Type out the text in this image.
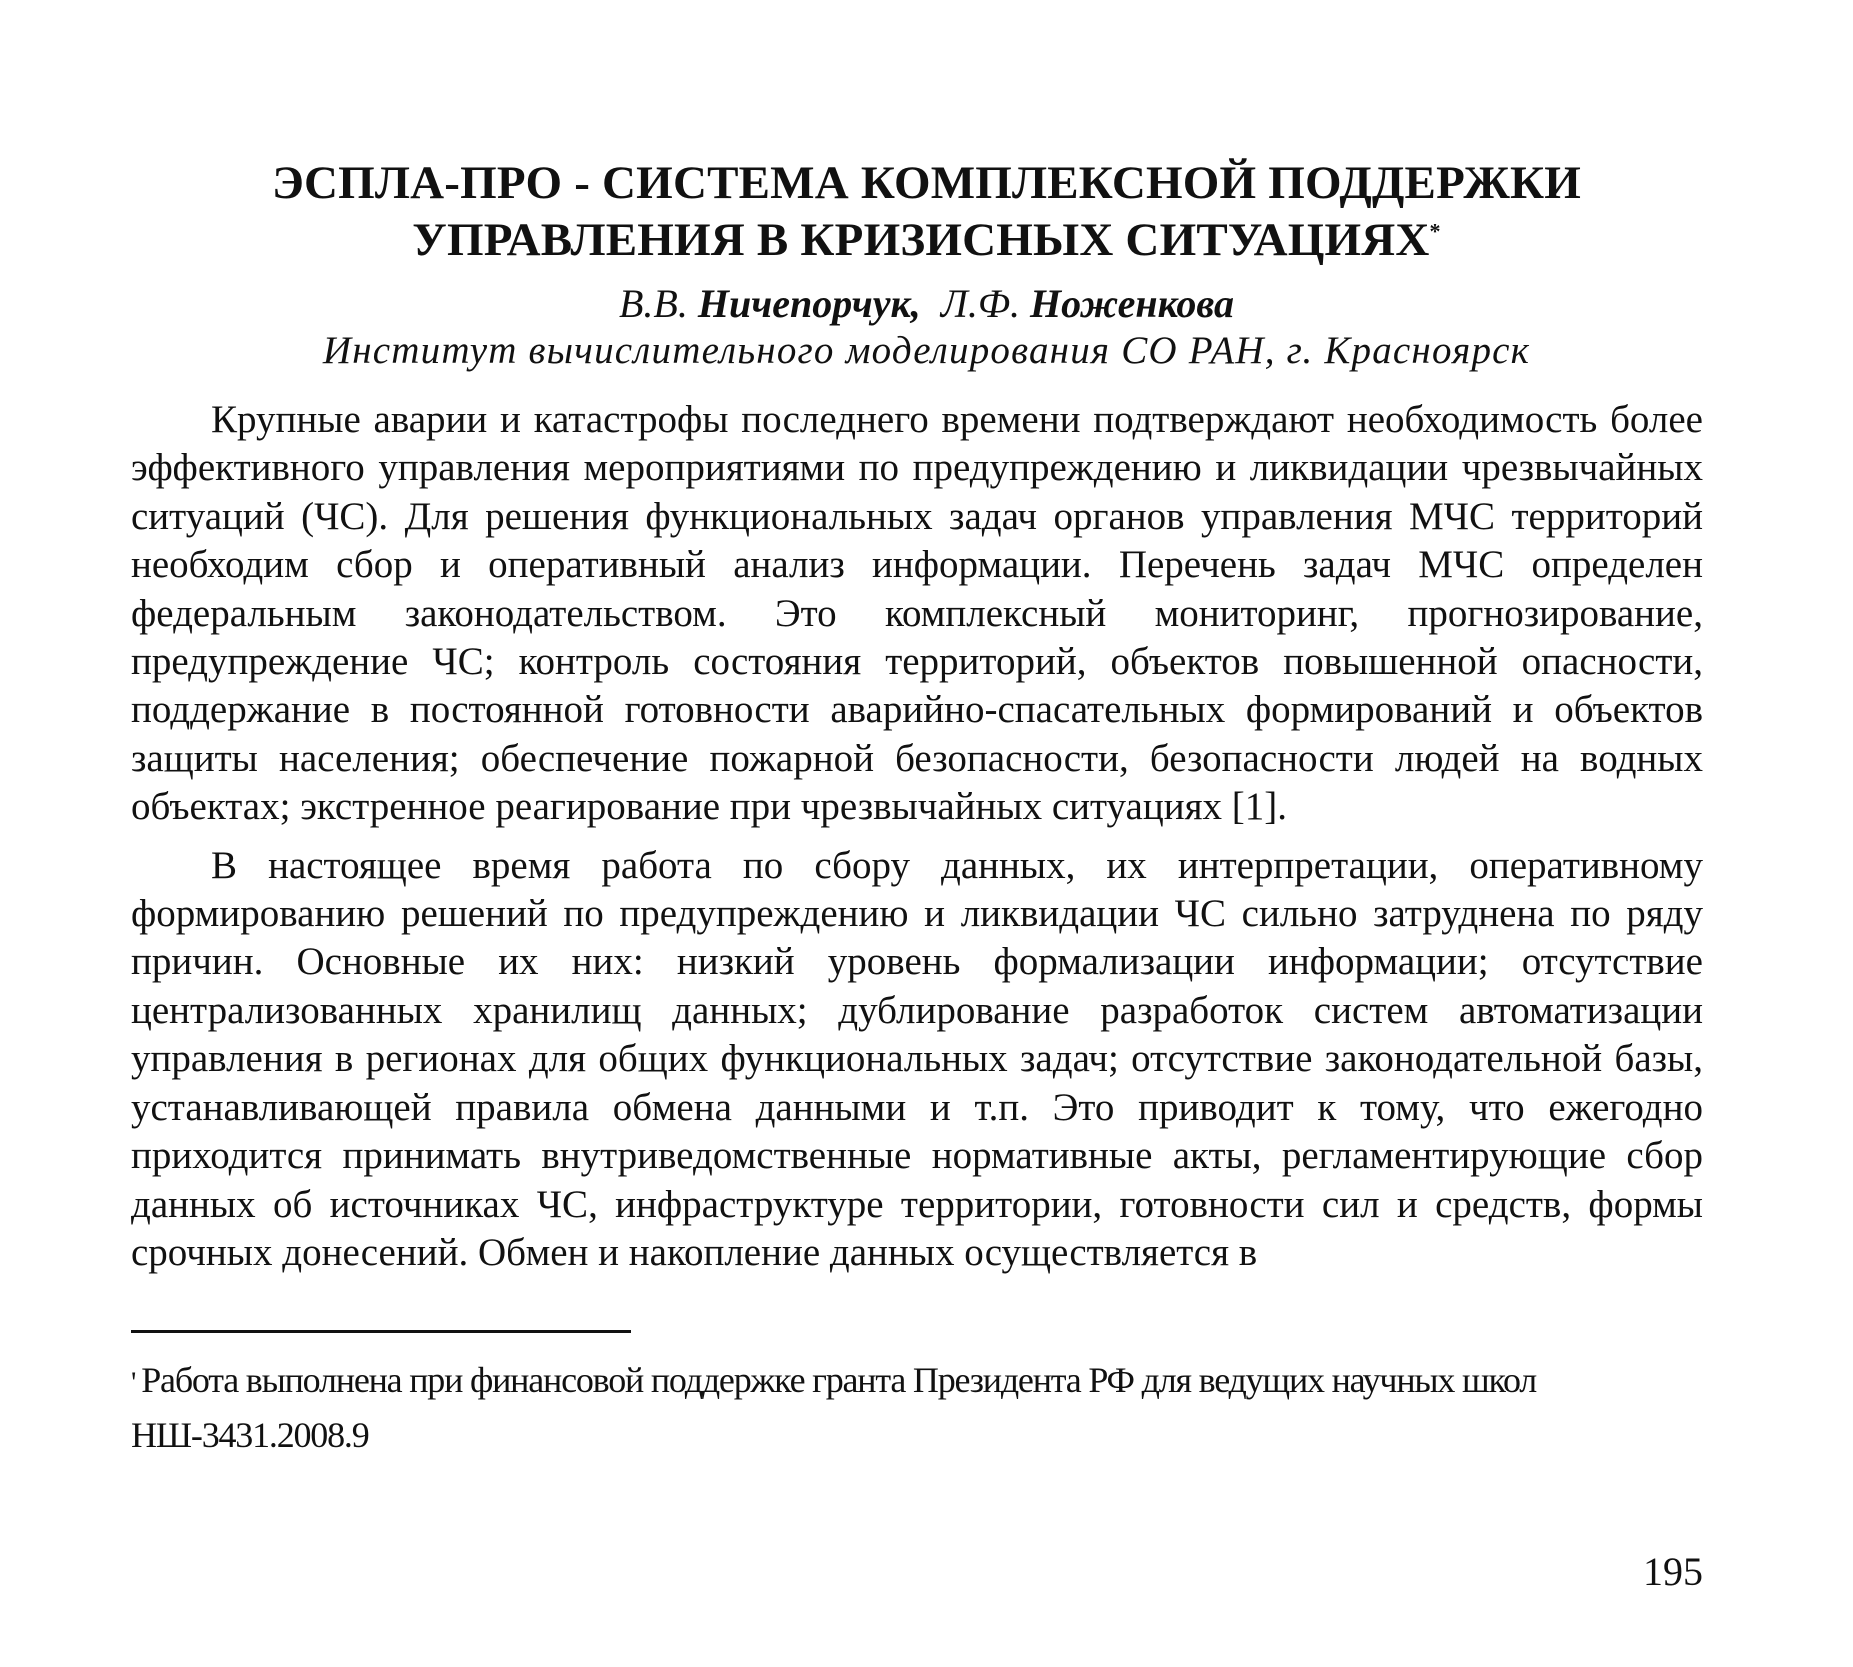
ЭСПЛА-ПРО - СИСТЕМА КОМПЛЕКСНОЙ ПОДДЕРЖКИ
УПРАВЛЕНИЯ В КРИЗИСНЫХ СИТУАЦИЯХ*
В.В. Ничепорчук, Л.Ф. Ноженкова
Институт вычислительного моделирования СО РАН, г. Красноярск

Крупные аварии и катастрофы последнего времени подтверждают необходимость более эффективного управления мероприятиями по предупреждению и ликвидации чрезвычайных ситуаций (ЧС). Для решения функциональных задач органов управления МЧС территорий необходим сбор и оперативный анализ информации. Перечень задач МЧС определен федеральным законодательством. Это комплексный мониторинг, прогнозирование, предупреждение ЧС; контроль состояния территорий, объектов повышенной опасности, поддержание в постоянной готовности аварийно-спасательных формирований и объектов защиты населения; обеспечение пожарной безопасности, безопасности людей на водных объектах; экстренное реагирование при чрезвычайных ситуациях [1].

В настоящее время работа по сбору данных, их интерпретации, оперативному формированию решений по предупреждению и ликвидации ЧС сильно затруднена по ряду причин. Основные их них: низкий уровень формализации информации; отсутствие централизованных хранилищ данных; дублирование разработок систем автоматизации управления в регионах для общих функциональных задач; отсутствие законодательной базы, устанавливающей правила обмена данными и т.п. Это приводит к тому, что ежегодно приходится принимать внутриведомственные нормативные акты, регламентирующие сбор данных об источниках ЧС, инфраструктуре территории, готовности сил и средств, формы срочных донесений. Обмен и накопление данных осуществляется в

' Работа выполнена при финансовой поддержке гранта Президента РФ для ведущих научных школ НШ-3431.2008.9
195
